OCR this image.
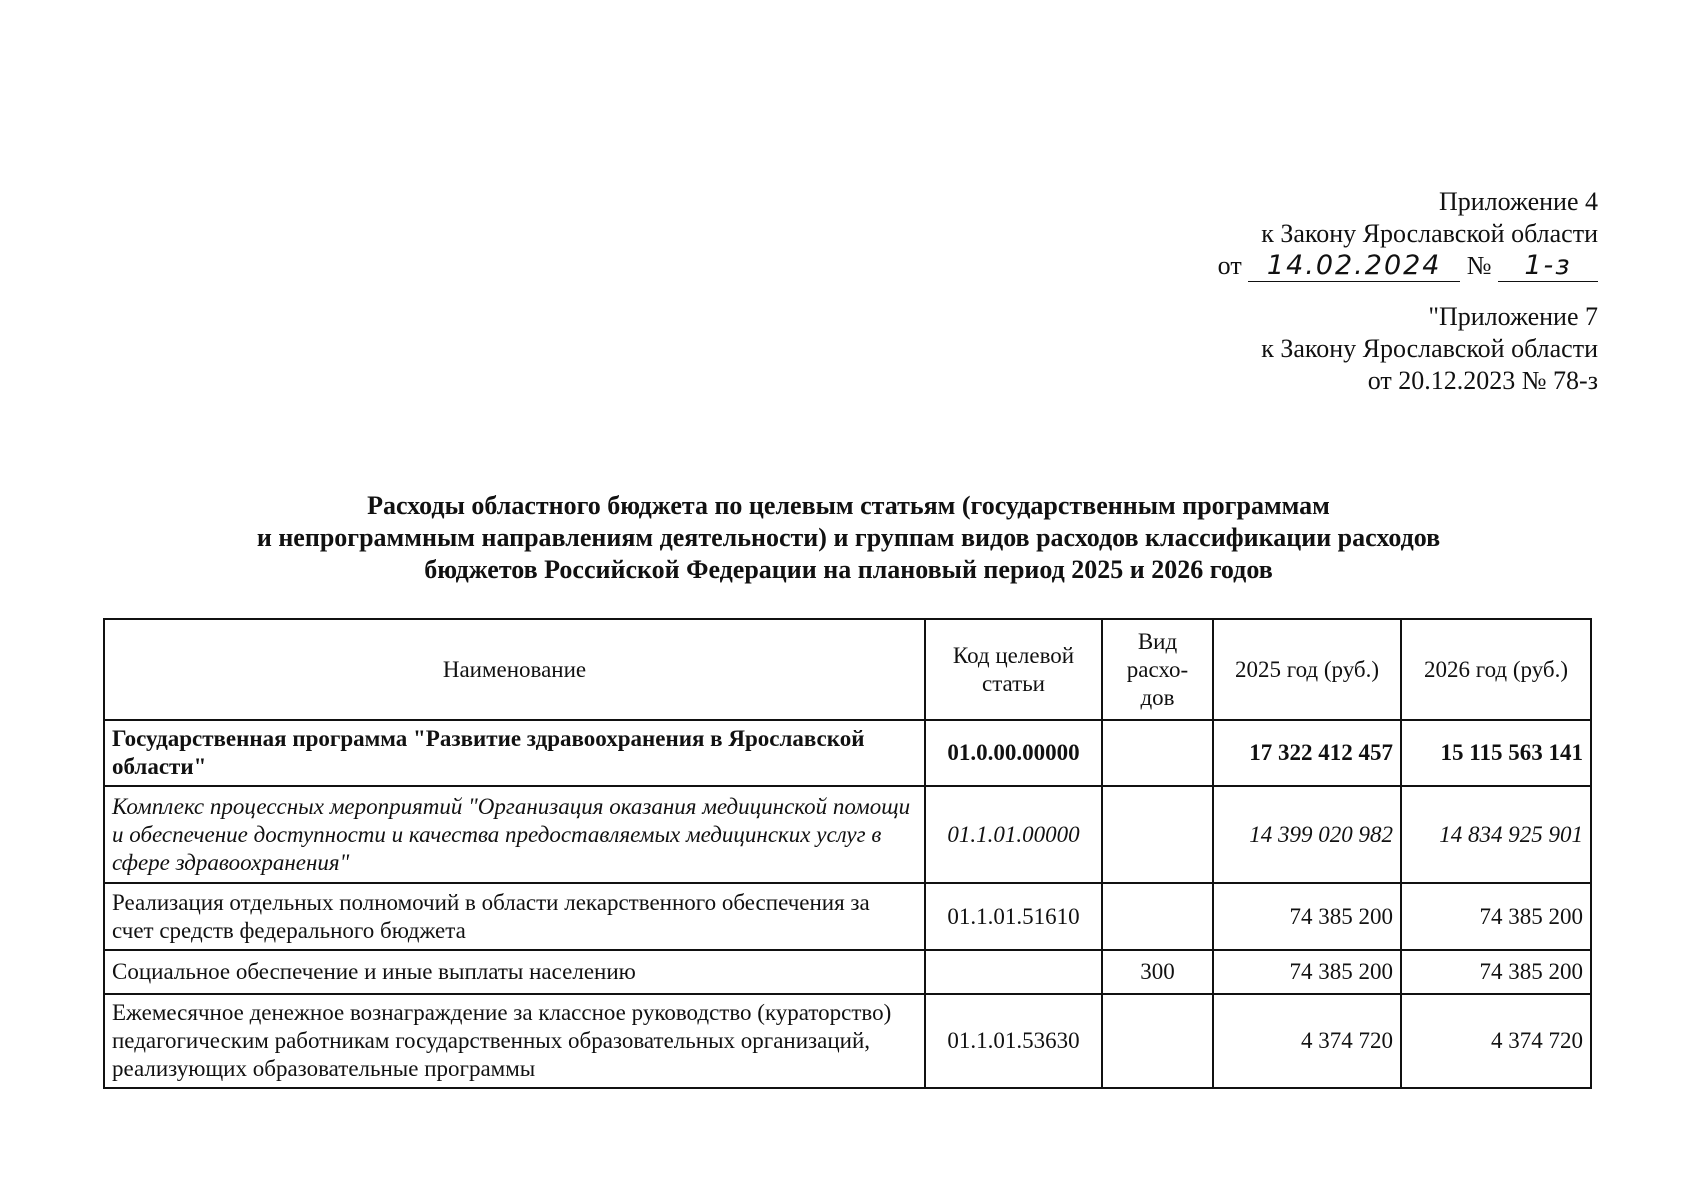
Приложение 4
к Закону Ярославской области
от 14.02.2024 № 1-з
"Приложение 7
к Закону Ярославской области
от 20.12.2023 № 78-з
Расходы областного бюджета по целевым статьям (государственным программам
и непрограммным направлениям деятельности) и группам видов расходов классификации расходов
бюджетов Российской Федерации на плановый период 2025 и 2026 годов
Наименование	Код целевой статьи	Вид расхо-дов	2025 год (руб.)	2026 год (руб.)
Государственная программа "Развитие здравоохранения в Ярославской области"	01.0.00.00000		17 322 412 457	15 115 563 141
Комплекс процессных мероприятий "Организация оказания медицинской помощи и обеспечение доступности и качества предоставляемых медицинских услуг в сфере здравоохранения"	01.1.01.00000		14 399 020 982	14 834 925 901
Реализация отдельных полномочий в области лекарственного обеспечения за счет средств федерального бюджета	01.1.01.51610		74 385 200	74 385 200
Социальное обеспечение и иные выплаты населению		300	74 385 200	74 385 200
Ежемесячное денежное вознаграждение за классное руководство (кураторство) педагогическим работникам государственных образовательных организаций, реализующих образовательные программы	01.1.01.53630		4 374 720	4 374 720
